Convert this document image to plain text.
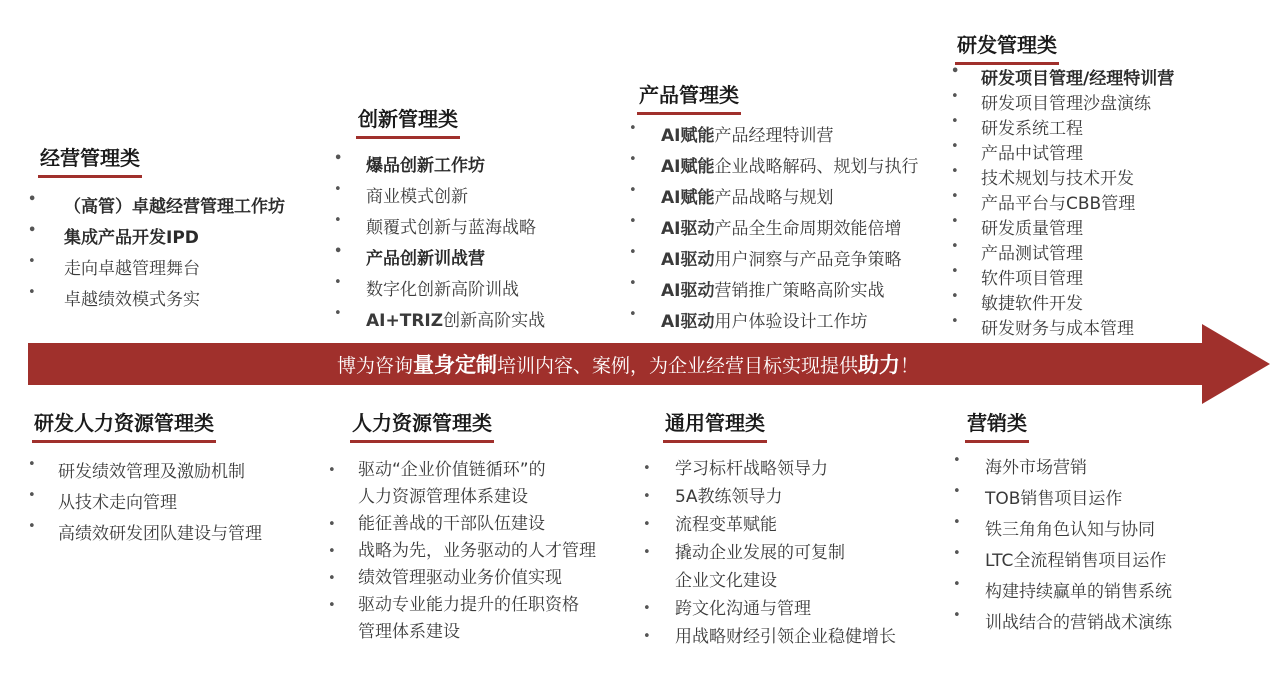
博为咨询量身定制培训内容、案例，为企业经营目标实现提供助力！
经营管理类
• （高管）卓越经营管理工作坊
• 集成产品开发IPD
• 走向卓越管理舞台
• 卓越绩效模式务实
创新管理类
• 爆品创新工作坊
• 商业模式创新
• 颠覆式创新与蓝海战略
• 产品创新训战营
• 数字化创新高阶训战
• AI+TRIZ创新高阶实战
产品管理类
• AI赋能产品经理特训营
• AI赋能企业战略解码、规划与执行
• AI赋能产品战略与规划
• AI驱动产品全生命周期效能倍增
• AI驱动用户洞察与产品竞争策略
• AI驱动营销推广策略高阶实战
• AI驱动用户体验设计工作坊
研发管理类
• 研发项目管理/经理特训营
• 研发项目管理沙盘演练
• 研发系统工程
• 产品中试管理
• 技术规划与技术开发
• 产品平台与CBB管理
• 研发质量管理
• 产品测试管理
• 软件项目管理
• 敏捷软件开发
• 研发财务与成本管理
研发人力资源管理类
• 研发绩效管理及激励机制
• 从技术走向管理
• 高绩效研发团队建设与管理
人力资源管理类
• 驱动“企业价值链循环”的
人力资源管理体系建设
• 能征善战的干部队伍建设
• 战略为先，业务驱动的人才管理
• 绩效管理驱动业务价值实现
• 驱动专业能力提升的任职资格
管理体系建设
通用管理类
• 学习标杆战略领导力
• 5A教练领导力
• 流程变革赋能
• 撬动企业发展的可复制
企业文化建设
• 跨文化沟通与管理
• 用战略财经引领企业稳健增长
营销类
• 海外市场营销
• TOB销售项目运作
• 铁三角角色认知与协同
• LTC全流程销售项目运作
• 构建持续赢单的销售系统
• 训战结合的营销战术演练
